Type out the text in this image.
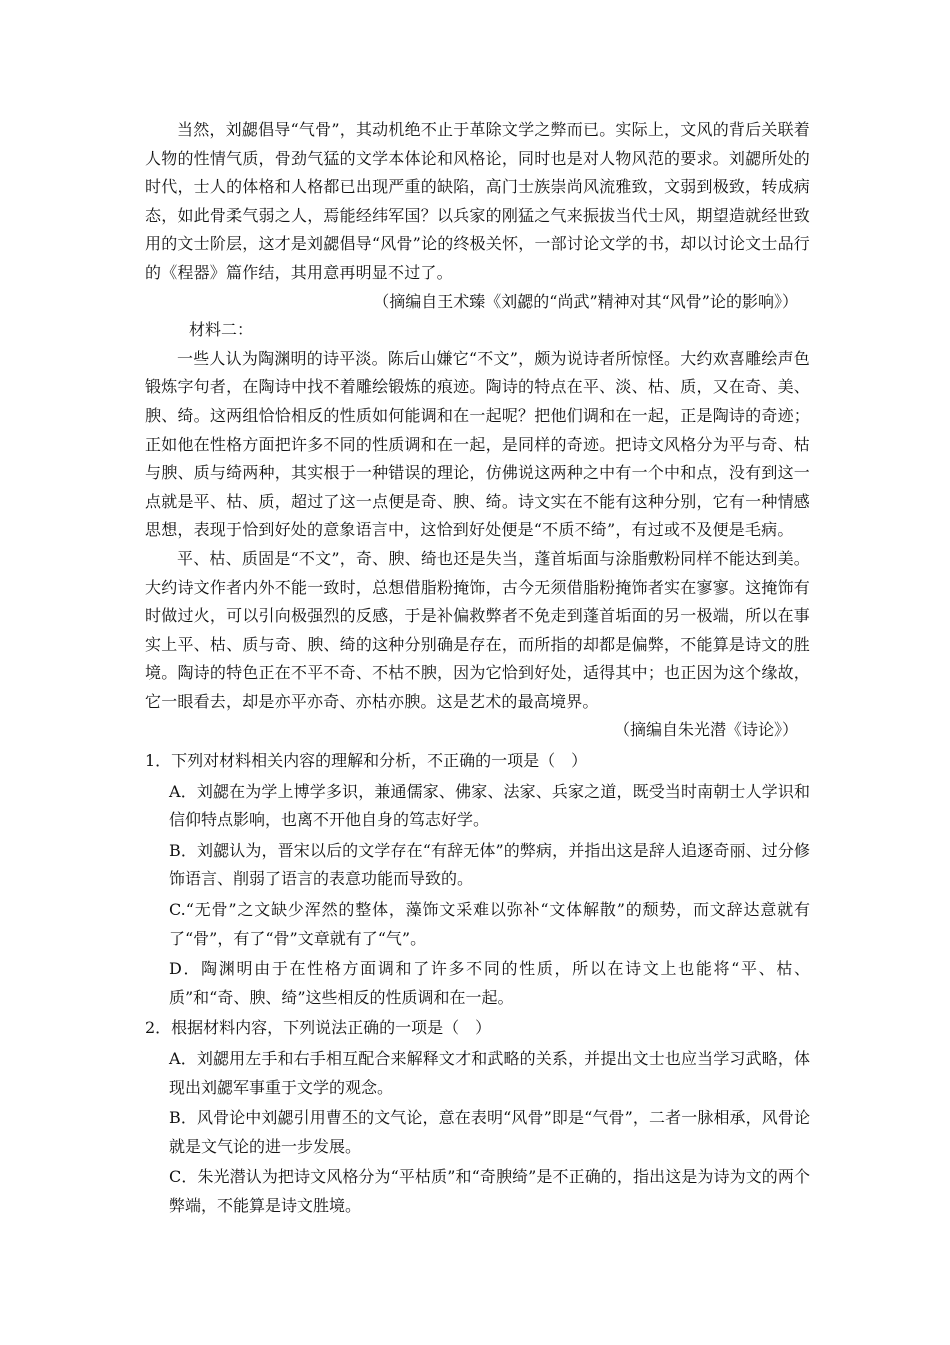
当然，刘勰倡导“气骨”，其动机绝不止于革除文学之弊而已。实际上，文风的背后关联着人物的性情气质，骨劲气猛的文学本体论和风格论，同时也是对人物风范的要求。刘勰所处的时代，士人的体格和人格都已出现严重的缺陷，高门士族崇尚风流雅致，文弱到极致，转成病态，如此骨柔气弱之人，焉能经纬军国？以兵家的刚猛之气来振拔当代士风，期望造就经世致用的文士阶层，这才是刘勰倡导“风骨”论的终极关怀，一部讨论文学的书，却以讨论文士品行的《程器》篇作结，其用意再明显不过了。

（摘编自王术臻《刘勰的“尚武”精神对其“风骨”论的影响》）

材料二：

一些人认为陶渊明的诗平淡。陈后山嫌它“不文”，颇为说诗者所惊怪。大约欢喜雕绘声色锻炼字句者，在陶诗中找不着雕绘锻炼的痕迹。陶诗的特点在平、淡、枯、质，又在奇、美、腴、绮。这两组恰恰相反的性质如何能调和在一起呢？把他们调和在一起，正是陶诗的奇迹；正如他在性格方面把许多不同的性质调和在一起，是同样的奇迹。把诗文风格分为平与奇、枯与腴、质与绮两种，其实根于一种错误的理论，仿佛说这两种之中有一个中和点，没有到这一点就是平、枯、质，超过了这一点便是奇、腴、绮。诗文实在不能有这种分别，它有一种情感思想，表现于恰到好处的意象语言中，这恰到好处便是“不质不绮”，有过或不及便是毛病。

平、枯、质固是“不文”，奇、腴、绮也还是失当，蓬首垢面与涂脂敷粉同样不能达到美。大约诗文作者内外不能一致时，总想借脂粉掩饰，古今无须借脂粉掩饰者实在寥寥。这掩饰有时做过火，可以引向极强烈的反感，于是补偏救弊者不免走到蓬首垢面的另一极端，所以在事实上平、枯、质与奇、腴、绮的这种分别确是存在，而所指的却都是偏弊，不能算是诗文的胜境。陶诗的特色正在不平不奇、不枯不腴，因为它恰到好处，适得其中；也正因为这个缘故，它一眼看去，却是亦平亦奇、亦枯亦腴。这是艺术的最高境界。

（摘编自朱光潜《诗论》）

1．下列对材料相关内容的理解和分析，不正确的一项是（　）

A．刘勰在为学上博学多识，兼通儒家、佛家、法家、兵家之道，既受当时南朝士人学识和信仰特点影响，也离不开他自身的笃志好学。

B．刘勰认为，晋宋以后的文学存在“有辞无体”的弊病，并指出这是辞人追逐奇丽、过分修饰语言、削弱了语言的表意功能而导致的。

C.“无骨”之文缺少浑然的整体，藻饰文采难以弥补“文体解散”的颓势，而文辞达意就有了“骨”，有了“骨”文章就有了“气”。

D．陶渊明由于在性格方面调和了许多不同的性质，所以在诗文上也能将“平、枯、质”和“奇、腴、绮”这些相反的性质调和在一起。

2．根据材料内容，下列说法正确的一项是（　）

A．刘勰用左手和右手相互配合来解释文才和武略的关系，并提出文士也应当学习武略，体现出刘勰军事重于文学的观念。

B．风骨论中刘勰引用曹丕的文气论，意在表明“风骨”即是“气骨”，二者一脉相承，风骨论就是文气论的进一步发展。

C．朱光潜认为把诗文风格分为“平枯质”和“奇腴绮”是不正确的，指出这是为诗为文的两个弊端，不能算是诗文胜境。
